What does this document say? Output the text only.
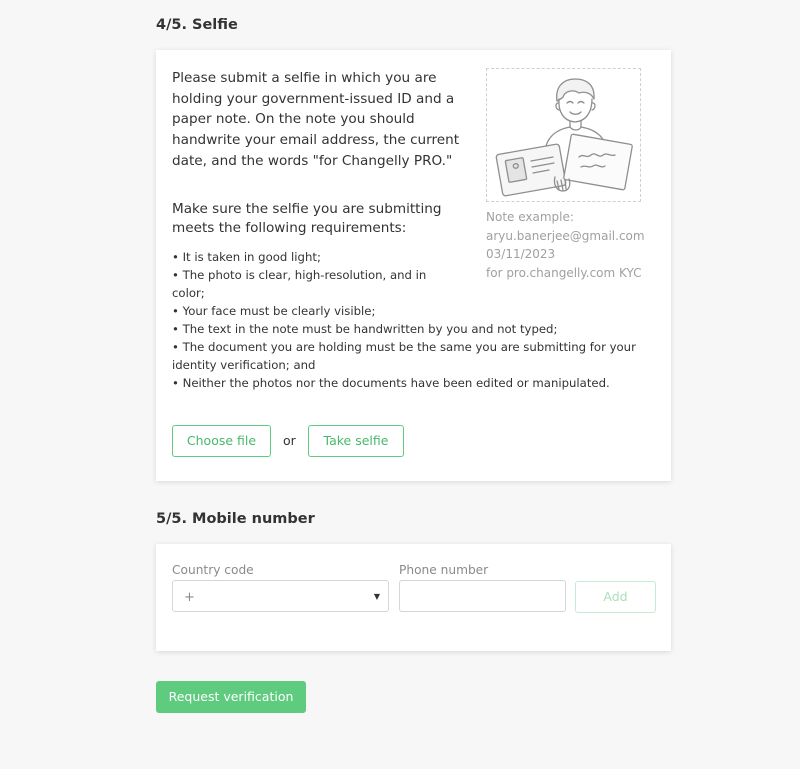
4/5. Selfie

Please submit a selfie in which you are holding your government-issued ID and a paper note. On the note you should handwrite your email address, the current date, and the words "for Changelly PRO."

Make sure the selfie you are submitting meets the following requirements:

• It is taken in good light;
• The photo is clear, high-resolution, and in color;
• Your face must be clearly visible;
• The text in the note must be handwritten by you and not typed;
• The document you are holding must be the same you are submitting for your identity verification; and
• Neither the photos nor the documents have been edited or manipulated.
Note example:
aryu.banerjee@gmail.com
03/11/2023
for pro.changelly.com KYC
Choose file	or	Take selfie
5/5. Mobile number
Country code
+	▼
Phone number
Add
Request verification
